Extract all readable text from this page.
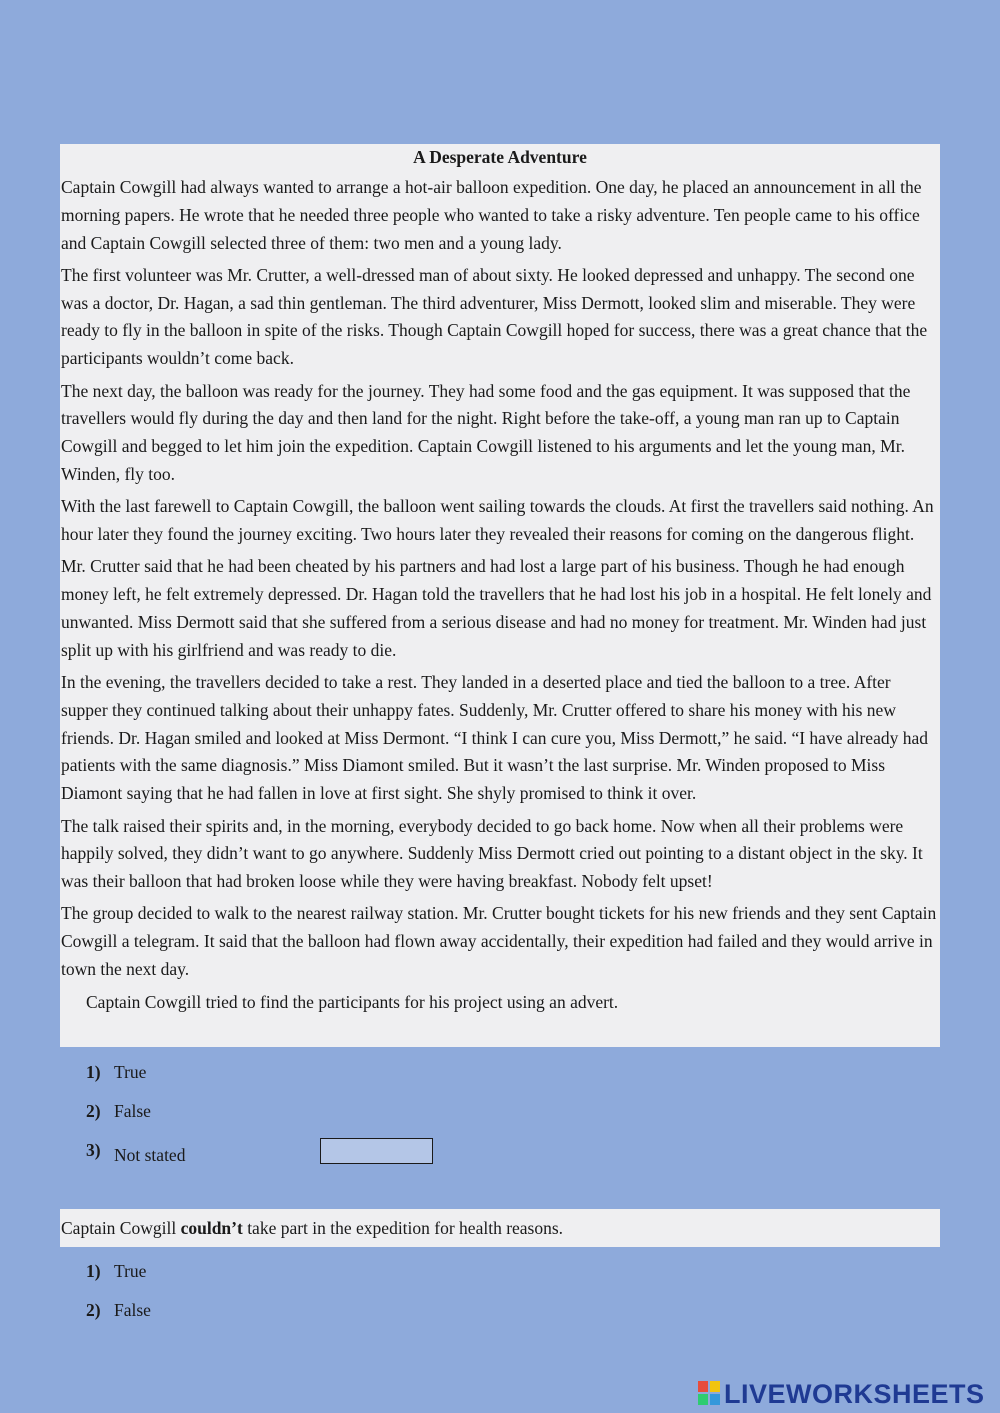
A Desperate Adventure

Captain Cowgill had always wanted to arrange a hot-air balloon expedition. One day, he placed an announcement in all the morning papers. He wrote that he needed three people who wanted to take a risky adventure. Ten people came to his office and Captain Cowgill selected three of them: two men and a young lady.

The first volunteer was Mr. Crutter, a well-dressed man of about sixty. He looked depressed and unhappy. The second one was a doctor, Dr. Hagan, a sad thin gentleman. The third adventurer, Miss Dermott, looked slim and miserable. They were ready to fly in the balloon in spite of the risks. Though Captain Cowgill hoped for success, there was a great chance that the participants wouldn’t come back.

The next day, the balloon was ready for the journey. They had some food and the gas equipment. It was supposed that the travellers would fly during the day and then land for the night. Right before the take-off, a young man ran up to Captain Cowgill and begged to let him join the expedition. Captain Cowgill listened to his arguments and let the young man, Mr. Winden, fly too.

With the last farewell to Captain Cowgill, the balloon went sailing towards the clouds. At first the travellers said nothing. An hour later they found the journey exciting. Two hours later they revealed their reasons for coming on the dangerous flight.

Mr. Crutter said that he had been cheated by his partners and had lost a large part of his business. Though he had enough money left, he felt extremely depressed. Dr. Hagan told the travellers that he had lost his job in a hospital. He felt lonely and unwanted. Miss Dermott said that she suffered from a serious disease and had no money for treatment. Mr. Winden had just split up with his girlfriend and was ready to die.

In the evening, the travellers decided to take a rest. They landed in a deserted place and tied the balloon to a tree. After supper they continued talking about their unhappy fates. Suddenly, Mr. Crutter offered to share his money with his new friends. Dr. Hagan smiled and looked at Miss Dermont. “I think I can cure you, Miss Dermott,” he said. “I have already had patients with the same diagnosis.” Miss Diamont smiled. But it wasn’t the last surprise. Mr. Winden proposed to Miss Diamont saying that he had fallen in love at first sight. She shyly promised to think it over.

The talk raised their spirits and, in the morning, everybody decided to go back home. Now when all their problems were happily solved, they didn’t want to go anywhere. Suddenly Miss Dermott cried out pointing to a distant object in the sky. It was their balloon that had broken loose while they were having breakfast. Nobody felt upset!

The group decided to walk to the nearest railway station. Mr. Crutter bought tickets for his new friends and they sent Captain Cowgill a telegram. It said that the balloon had flown away accidentally, their expedition had failed and they would arrive in town the next day.

Captain Cowgill tried to find the participants for his project using an advert.
1) True
2) False
3) Not stated
Captain Cowgill couldn’t take part in the expedition for health reasons.
1) True
2) False
LIVEWORKSHEETS
